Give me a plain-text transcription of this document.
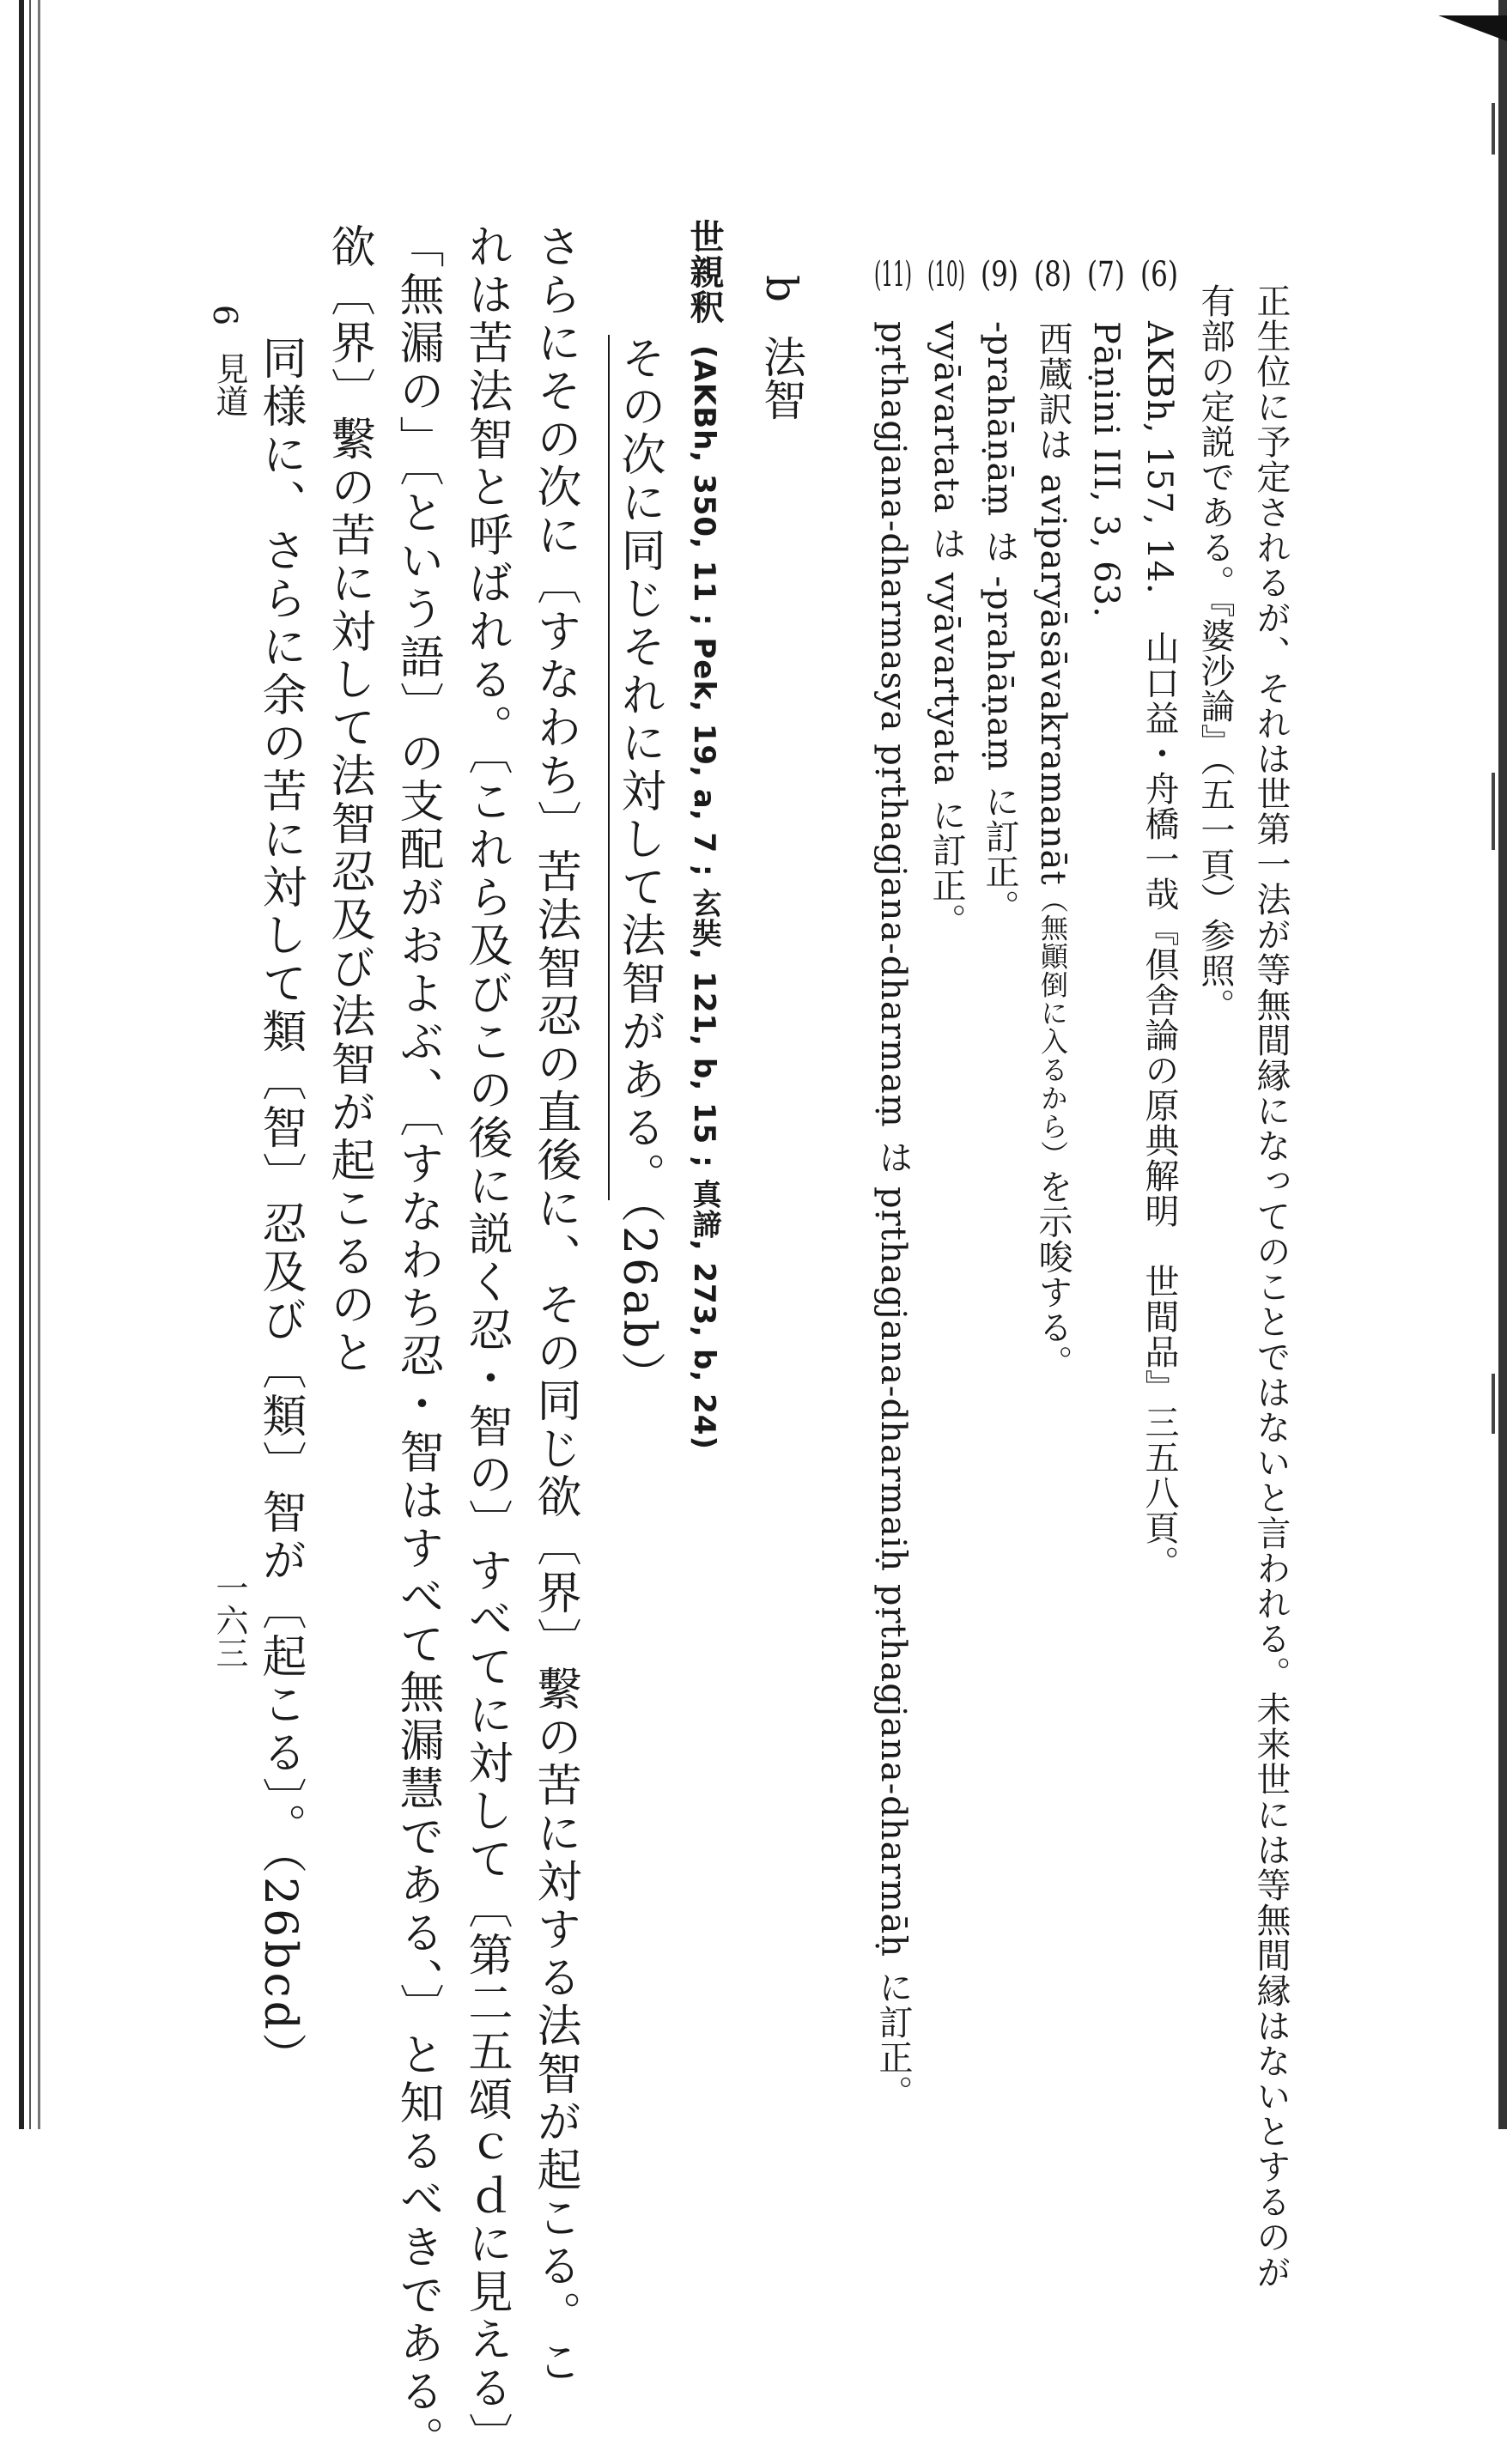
正生位に予定されるが、それは世第一法が等無間縁になってのことではないと言われる。未来世には等無間縁はないとするのが
有部の定説である。『婆沙論』（五一頁）参照。
(6)AKBh, 157, 14.　山口益・舟橋一哉『倶舎論の原典解明　世間品』三五八頁。
(7)Pāṇini III, 3, 63.
(8)西蔵訳は aviparyāsāvakramanāt（無顚倒に入るから）を示唆する。
(9)-prahāṇāṃ は -prahāṇaṃ に訂正。
(10)vyāvartata は vyāvartyata に訂正。
(11)pṛthagjana-dharmasya pṛthagjana-dharmaṃ は pṛthagjana-dharmaiḥ pṛthagjana-dharmāḥ に訂正。
b
法智
世親釈(AKBh, 350, 11 ; Pek, 19, a, 7 ; 玄奘, 121, b, 15 ; 真諦, 273, b, 24)
その次に同じそれに対して法智がある。（26ab）
さらにその次に〔すなわち〕苦法智忍の直後に、その同じ欲〔界〕繫の苦に対する法智が起こる。こ
れは苦法智と呼ばれる。〔これら及びこの後に説く忍・智の〕すべてに対して〔第二五頌ｃｄに見える〕
「無漏の」〔という語〕の支配がおよぶ、〔すなわち忍・智はすべて無漏慧である、〕と知るべきである。
欲〔界〕繫の苦に対して法智忍及び法智が起こるのと
同様に、さらに余の苦に対して類〔智〕忍及び〔類〕智が〔起こる〕。（26bcd）
6
見道
一六三
